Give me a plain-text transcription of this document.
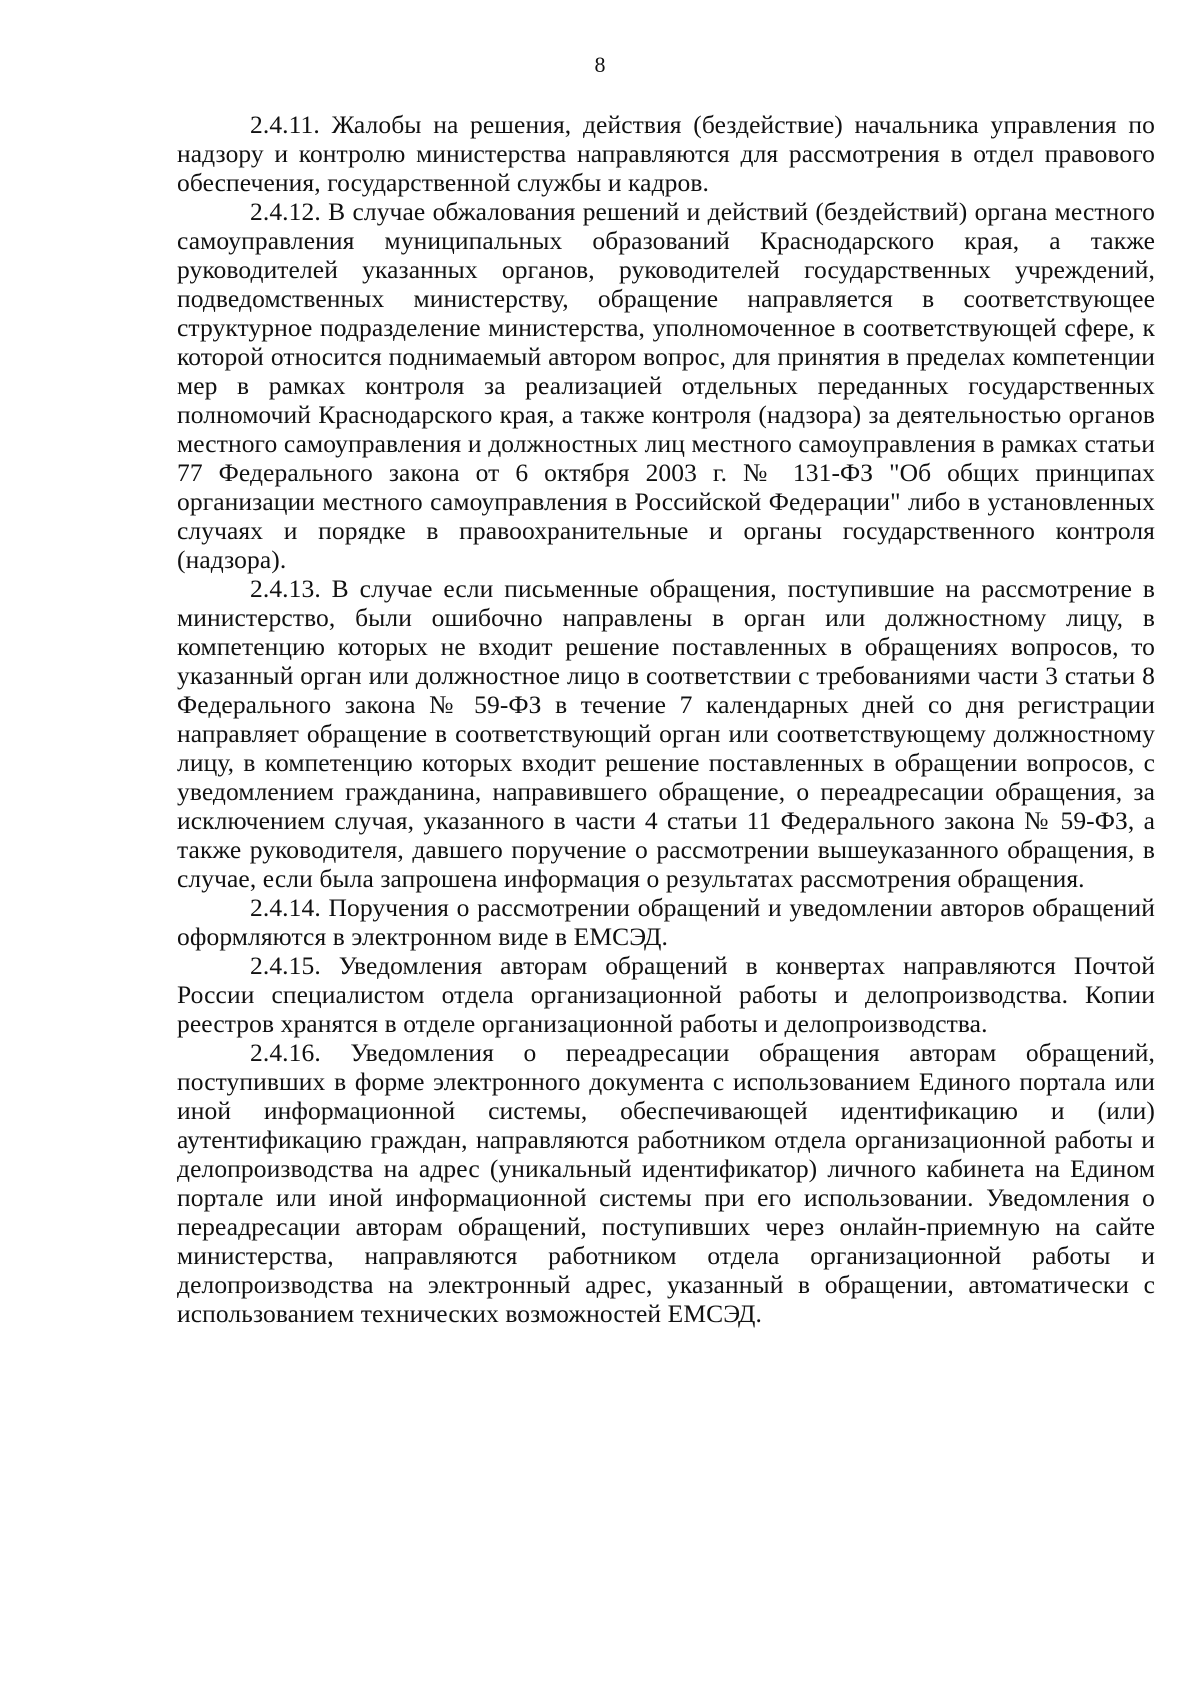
8

2.4.11. Жалобы на решения, действия (бездействие) начальника управления по надзору и контролю министерства направляются для рассмотрения в отдел правового обеспечения, государственной службы и кадров.

2.4.12. В случае обжалования решений и действий (бездействий) органа местного самоуправления муниципальных образований Краснодарского края, а также руководителей указанных органов, руководителей государственных учреждений, подведомственных министерству, обращение направляется в соответствующее структурное подразделение министерства, уполномоченное в соответствующей сфере, к которой относится поднимаемый автором вопрос, для принятия в пределах компетенции мер в рамках контроля за реализацией отдельных переданных государственных полномочий Краснодарского края, а также контроля (надзора) за деятельностью органов местного самоуправления и должностных лиц местного самоуправления в рамках статьи 77 Федерального закона от 6 октября 2003 г. № 131-ФЗ "Об общих принципах организации местного самоуправления в Российской Федерации" либо в установленных случаях и порядке в правоохранительные и органы государственного контроля (надзора).

2.4.13. В случае если письменные обращения, поступившие на рассмотрение в министерство, были ошибочно направлены в орган или должностному лицу, в компетенцию которых не входит решение поставленных в обращениях вопросов, то указанный орган или должностное лицо в соответствии с требованиями части 3 статьи 8 Федерального закона № 59-ФЗ в течение 7 календарных дней со дня регистрации направляет обращение в соответствующий орган или соответствующему должностному лицу, в компетенцию которых входит решение поставленных в обращении вопросов, с уведомлением гражданина, направившего обращение, о переадресации обращения, за исключением случая, указанного в части 4 статьи 11 Федерального закона № 59-ФЗ, а также руководителя, давшего поручение о рассмотрении вышеуказанного обращения, в случае, если была запрошена информация о результатах рассмотрения обращения.

2.4.14. Поручения о рассмотрении обращений и уведомлении авторов обращений оформляются в электронном виде в ЕМСЭД.

2.4.15. Уведомления авторам обращений в конвертах направляются Почтой России специалистом отдела организационной работы и делопроизводства. Копии реестров хранятся в отделе организационной работы и делопроизводства.

2.4.16. Уведомления о переадресации обращения авторам обращений, поступивших в форме электронного документа с использованием Единого портала или иной информационной системы, обеспечивающей идентификацию и (или) аутентификацию граждан, направляются работником отдела организационной работы и делопроизводства на адрес (уникальный идентификатор) личного кабинета на Едином портале или иной информационной системы при его использовании. Уведомления о переадресации авторам обращений, поступивших через онлайн-приемную на сайте министерства, направляются работником отдела организационной работы и делопроизводства на электронный адрес, указанный в обращении, автоматически с использованием технических возможностей ЕМСЭД.
